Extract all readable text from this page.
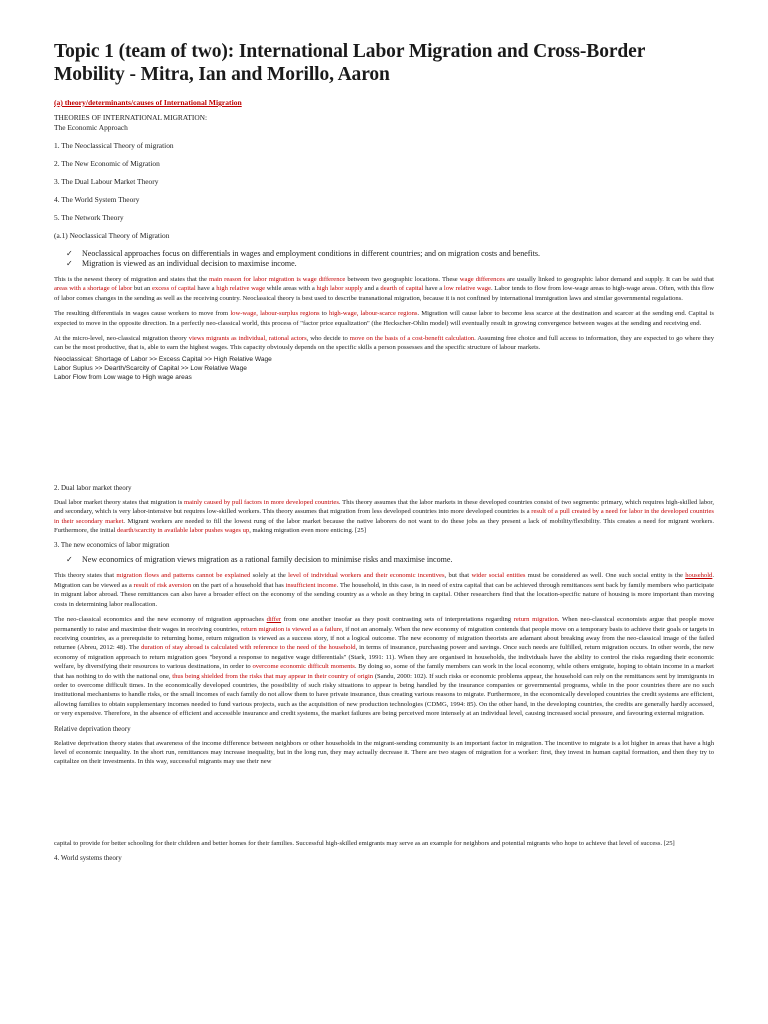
Topic 1 (team of two): International Labor Migration and Cross-Border Mobility - Mitra, Ian and Morillo, Aaron
(a) theory/determinants/causes of International Migration
THEORIES OF INTERNATIONAL MIGRATION:
The Economic Approach
1. The Neoclassical Theory of migration
2. The New Economic of Migration
3. The Dual Labour Market Theory
4. The World System Theory
5. The Network Theory
(a.1) Neoclassical Theory of Migration
✓ Neoclassical approaches focus on differentials in wages and employment conditions in different countries; and on migration costs and benefits.
✓ Migration is viewed as an individual decision to maximise income.

This is the newest theory of migration and states that the main reason for labor migration is wage difference between two geographic locations. These wage differences are usually linked to geographic labor demand and supply. It can be said that areas with a shortage of labor but an excess of capital have a high relative wage while areas with a high labor supply and a dearth of capital have a low relative wage. Labor tends to flow from low-wage areas to high-wage areas. Often, with this flow of labor comes changes in the sending as well as the receiving country. Neoclassical theory is best used to describe transnational migration, because it is not confined by international immigration laws and similar governmental regulations.

The resulting differentials in wages cause workers to move from low-wage, labour-surplus regions to high-wage, labour-scarce regions. Migration will cause labor to become less scarce at the destination and scarcer at the sending end. Capital is expected to move in the opposite direction. In a perfectly neo-classical world, this process of "factor price equalization" (the Heckscher-Ohlin model) will eventually result in growing convergence between wages at the sending and receiving end.

At the micro-level, neo-classical migration theory views migrants as individual, rational actors, who decide to move on the basis of a cost-benefit calculation. Assuming free choice and full access to information, they are expected to go where they can be the most productive, that is, able to earn the highest wages. This capacity obviously depends on the specific skills a person possesses and the specific structure of labour markets.

Neoclassical: Shortage of Labor >> Excess Capital >> High Relative Wage
Labor Suplus >> Dearth/Scarcity of Capital >> Low Relative Wage
Labor Flow from Low wage to High wage areas
2. Dual labor market theory

Dual labor market theory states that migration is mainly caused by pull factors in more developed countries. This theory assumes that the labor markets in these developed countries consist of two segments: primary, which requires high-skilled labor, and secondary, which is very labor-intensive but requires low-skilled workers. This theory assumes that migration from less developed countries into more developed countries is a result of a pull created by a need for labor in the developed countries in their secondary market. Migrant workers are needed to fill the lowest rung of the labor market because the native laborers do not want to do these jobs as they present a lack of mobility/flexibility. This creates a need for migrant workers. Furthermore, the initial dearth/scarcity in available labor pushes wages up, making migration even more enticing. [25]

3. The new economics of labor migration
✓ New economics of migration views migration as a rational family decision to minimise risks and maximise income.

This theory states that migration flows and patterns cannot be explained solely at the level of individual workers and their economic incentives, but that wider social entities must be considered as well. One such social entity is the household. Migration can be viewed as a result of risk aversion on the part of a household that has insufficient income. The household, in this case, is in need of extra capital that can be achieved through remittances sent back by family members who participate in migrant labor abroad. These remittances can also have a broader effect on the economy of the sending country as a whole as they bring in capital. Other researchers find that the location-specific nature of housing is more important than moving costs in determining labor reallocation.

The neo-classical economics and the new economy of migration approaches differ from one another insofar as they posit contrasting sets of interpretations regarding return migration. When neo-classical economists argue that people move permanently to raise and maximise their wages in receiving countries, return migration is viewed as a failure, if not an anomaly. When the new economy of migration contends that people move on a temporary basis to achieve their goals or targets in receiving countries, as a prerequisite to returning home, return migration is viewed as a success story, if not a logical outcome. The new economy of migration theorists are adamant about breaking away from the neo-classical image of the failed returnee (Abreu, 2012: 48). The duration of stay abroad is calculated with reference to the need of the household, in terms of insurance, purchasing power and savings. Once such needs are fulfilled, return migration occurs. In other words, the new economy of migration approach to return migration goes "beyond a response to negative wage differentials" (Stark, 1991: 11). When they are organised in households, the individuals have the ability to control the risks regarding their economic welfare, by diversifying their resources to various destinations, in order to overcome economic difficult moments. By doing so, some of the family members can work in the local economy, while others emigrate, hoping to obtain income in a market that has nothing to do with the national one, thus being shielded from the risks that may appear in their country of origin (Sandu, 2000: 102). If such risks or economic problems appear, the household can rely on the remittances sent by immigrants in order to overcome difficult times. In the economically developed countries, the possibility of such risky situations to appear is being handled by the insurance companies or governmental programs, while in the poor countries there are no such institutional mechanisms to handle risks, or the small incomes of each family do not allow them to have private insurance, thus creating various reasons to migrate. Furthermore, in the economically developed countries the credit systems are efficient, allowing families to obtain supplementary incomes needed to fund various projects, such as the acquisition of new production technologies (CDMG, 1994: 85). On the other hand, in the developing countries, the credits are generally hardly accessed, or very expensive. Therefore, in the absence of efficient and accessible insurance and credit systems, the market failures are being perceived more intensely at an individual level, causing increased social pressure, and favouring external migration.

Relative deprivation theory

Relative deprivation theory states that awareness of the income difference between neighbors or other households in the migrant-sending community is an important factor in migration. The incentive to migrate is a lot higher in areas that have a high level of economic inequality. In the short run, remittances may increase inequality, but in the long run, they may actually decrease it. There are two stages of migration for a worker: first, they invest in human capital formation, and then they try to capitalize on their investments. In this way, successful migrants may use their new

capital to provide for better schooling for their children and better homes for their families. Successful high-skilled emigrants may serve as an example for neighbors and potential migrants who hope to achieve that level of success. [25]

4. World systems theory
